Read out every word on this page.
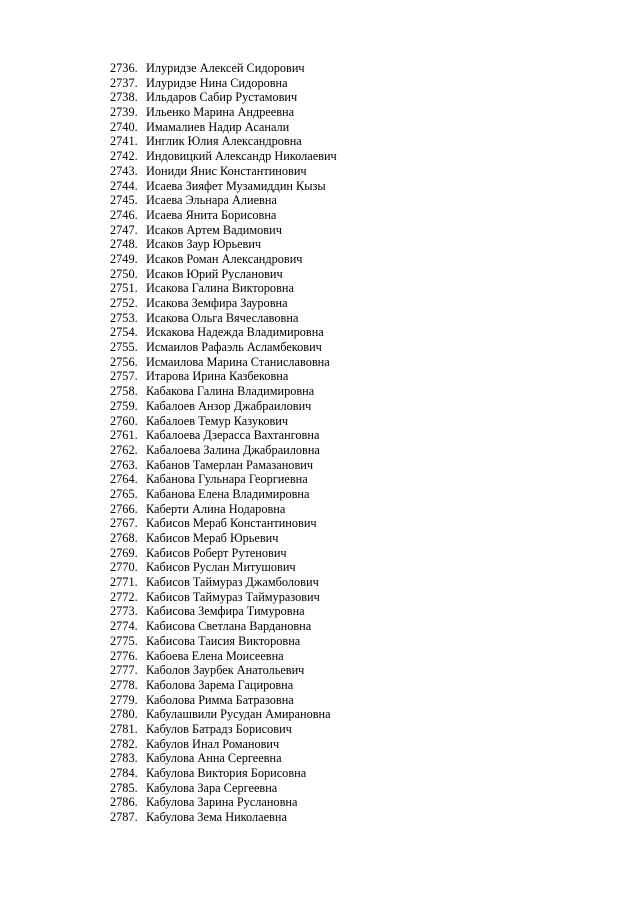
2736. Илуридзе Алексей Сидорович
2737. Илуридзе Нина Сидоровна
2738. Ильдаров Сабир Рустамович
2739. Ильенко Марина Андреевна
2740. Имамалиев Надир Асанали
2741. Инглик Юлия Александровна
2742. Индовицкий Александр Николаевич
2743. Иониди Янис Константинович
2744. Исаева Зияфет Музамиддин Кызы
2745. Исаева Эльнара Алиевна
2746. Исаева Янита Борисовна
2747. Исаков Артем Вадимович
2748. Исаков Заур Юрьевич
2749. Исаков Роман Александрович
2750. Исаков Юрий Русланович
2751. Исакова Галина Викторовна
2752. Исакова Земфира Зауровна
2753. Исакова Ольга Вячеславовна
2754. Искакова Надежда Владимировна
2755. Исмаилов Рафаэль Асламбекович
2756. Исмаилова Марина Станиславовна
2757. Итарова Ирина Казбековна
2758. Кабакова Галина Владимировна
2759. Кабалоев Анзор Джабраилович
2760. Кабалоев Темур Казукович
2761. Кабалоева Дзерасса Вахтанговна
2762. Кабалоева Залина Джабраиловна
2763. Кабанов Тамерлан Рамазанович
2764. Кабанова Гульнара Георгиевна
2765. Кабанова Елена Владимировна
2766. Каберти Алина Нодаровна
2767. Кабисов Мераб Константинович
2768. Кабисов Мераб Юрьевич
2769. Кабисов Роберт Рутенович
2770. Кабисов Руслан Митушович
2771. Кабисов Таймураз Джамболович
2772. Кабисов Таймураз Таймуразович
2773. Кабисова Земфира Тимуровна
2774. Кабисова Светлана Вардановна
2775. Кабисова Таисия Викторовна
2776. Кабоева Елена Моисеевна
2777. Каболов Заурбек Анатольевич
2778. Каболова Зарема Гацировна
2779. Каболова Римма Батразовна
2780. Кабулашвили Русудан Амирановна
2781. Кабулов Батрадз Борисович
2782. Кабулов Инал Романович
2783. Кабулова Анна Сергеевна
2784. Кабулова Виктория Борисовна
2785. Кабулова Зара Сергеевна
2786. Кабулова Зарина Руслановна
2787. Кабулова Зема Николаевна
